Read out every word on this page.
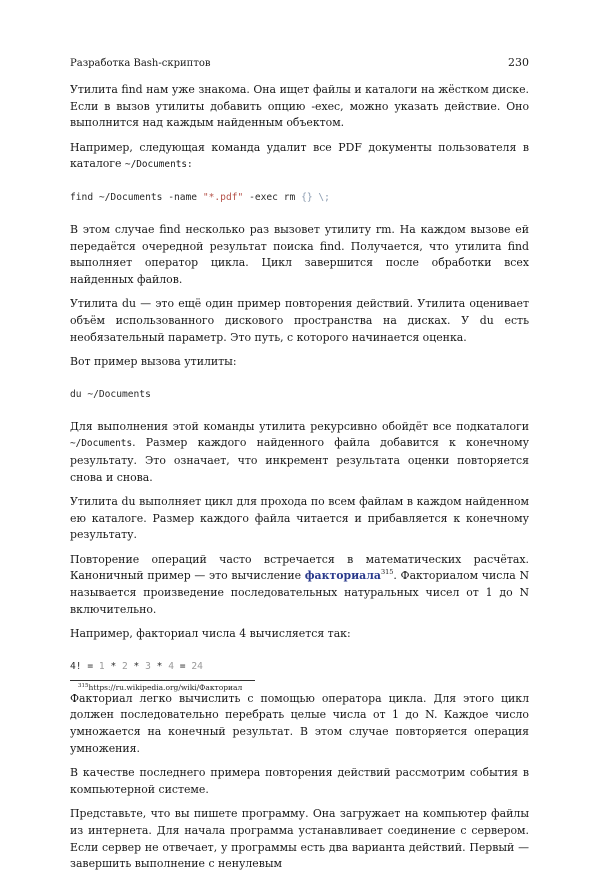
Разработка Bash-скриптов	230

Утилита find нам уже знакома. Она ищет файлы и каталоги на жёстком диске. Если в вызов утилиты добавить опцию -exec, можно указать действие. Оно выполнится над каждым найденным объектом.

Например, следующая команда удалит все PDF документы пользователя в каталоге ~/Documents:

find ~/Documents -name "*.pdf" -exec rm {} \;

В этом случае find несколько раз вызовет утилиту rm. На каждом вызове ей передаётся очередной результат поиска find. Получается, что утилита find выполняет оператор цикла. Цикл завершится после обработки всех найденных файлов.

Утилита du — это ещё один пример повторения действий. Утилита оценивает объём использованного дискового пространства на дисках. У du есть необязательный параметр. Это путь, с которого начинается оценка.

Вот пример вызова утилиты:

du ~/Documents

Для выполнения этой команды утилита рекурсивно обойдёт все подкаталоги ~/Documents. Размер каждого найденного файла добавится к конечному результату. Это означает, что инкремент результата оценки повторяется снова и снова.

Утилита du выполняет цикл для прохода по всем файлам в каждом найденном ею каталоге. Размер каждого файла читается и прибавляется к конечному результату.

Повторение операций часто встречается в математических расчётах. Каноничный пример — это вычисление факториала$^{315}$. Факториалом числа N называется произведение последовательных натуральных чисел от 1 до N включительно.

Например, факториал числа 4 вычисляется так:

4! = 1 * 2 * 3 * 4 = 24

Факториал легко вычислить с помощью оператора цикла. Для этого цикл должен последовательно перебрать целые числа от 1 до N. Каждое число умножается на конечный результат. В этом случае повторяется операция умножения.

В качестве последнего примера повторения действий рассмотрим события в компьютерной системе.

Представьте, что вы пишете программу. Она загружает на компьютер файлы из интернета. Для начала программа устанавливает соединение с сервером. Если сервер не отвечает, у программы есть два варианта действий. Первый — завершить выполнение с ненулевым

$^{315}$https://ru.wikipedia.org/wiki/Факториал
